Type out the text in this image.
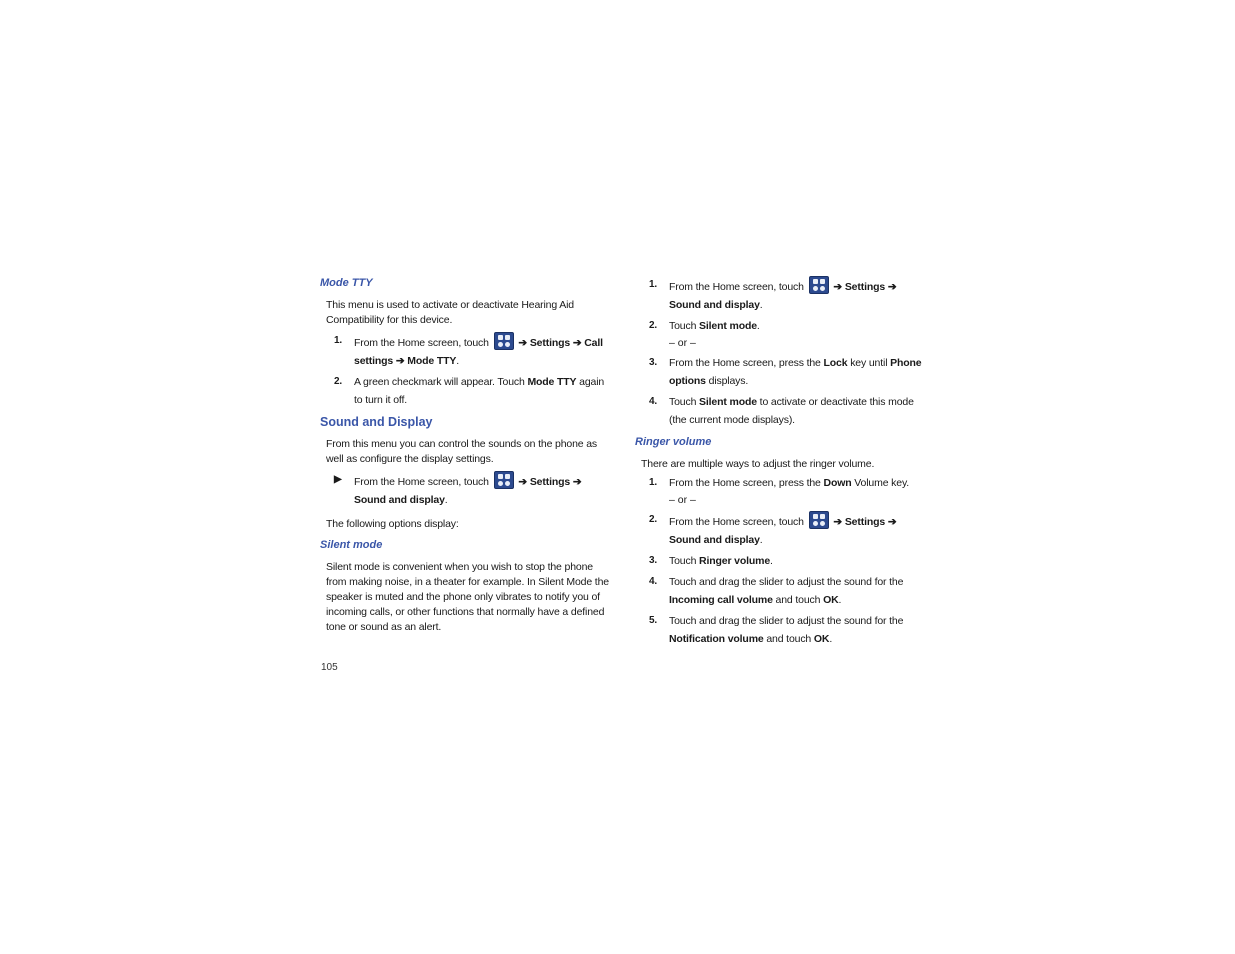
Mode TTY
This menu is used to activate or deactivate Hearing Aid Compatibility for this device.
1.	From the Home screen, touch	➔ Settings ➔ Call settings ➔ Mode TTY.
2.	A green checkmark will appear. Touch Mode TTY again to turn it off.
Sound and Display
From this menu you can control the sounds on the phone as well as configure the display settings.
▶	From the Home screen, touch	➔ Settings ➔ Sound and display.
The following options display:
Silent mode
Silent mode is convenient when you wish to stop the phone from making noise, in a theater for example. In Silent Mode the speaker is muted and the phone only vibrates to notify you of incoming calls, or other functions that normally have a defined tone or sound as an alert.
1.	From the Home screen, touch	➔ Settings ➔ Sound and display.
2.	Touch Silent mode.
– or –
3.	From the Home screen, press the Lock key until Phone options displays.
4.	Touch Silent mode to activate or deactivate this mode (the current mode displays).
Ringer volume
There are multiple ways to adjust the ringer volume.
1.	From the Home screen, press the Down Volume key.
– or –
2.	From the Home screen, touch	➔ Settings ➔ Sound and display.
3.	Touch Ringer volume.
4.	Touch and drag the slider to adjust the sound for the Incoming call volume and touch OK.
5.	Touch and drag the slider to adjust the sound for the Notification volume and touch OK.
105
